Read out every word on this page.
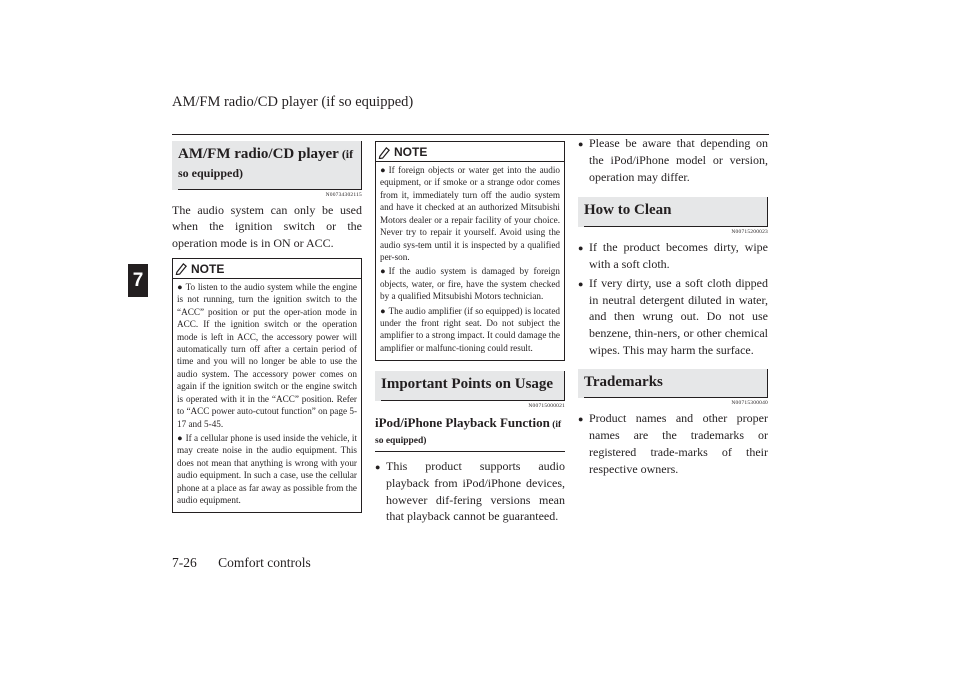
AM/FM radio/CD player (if so equipped)
7
7-26 Comfort controls
AM/FM radio/CD player (if
so equipped)
N00734302115
The audio system can only be used when the ignition switch or the operation mode is in ON or ACC.
NOTE

● To listen to the audio system while the engine is not running, turn the ignition switch to the “ACC” position or put the oper-ation mode in ACC. If the ignition switch or the operation mode is left in ACC, the accessory power will automatically turn off after a certain period of time and you will no longer be able to use the audio system. The accessory power comes on again if the ignition switch or the engine switch is operated with it in the “ACC” position. Refer to “ACC power auto-cutout function” on page 5-17 and 5-45.

● If a cellular phone is used inside the vehicle, it may create noise in the audio equipment. This does not mean that anything is wrong with your audio equipment. In such a case, use the cellular phone at a place as far away as possible from the audio equipment.

NOTE

● If foreign objects or water get into the audio equipment, or if smoke or a strange odor comes from it, immediately turn off the audio system and have it checked at an authorized Mitsubishi Motors dealer or a repair facility of your choice. Never try to repair it yourself. Avoid using the audio sys-tem until it is inspected by a qualified per-son.

● If the audio system is damaged by foreign objects, water, or fire, have the system checked by a qualified Mitsubishi Motors technician.

● The audio amplifier (if so equipped) is located under the front right seat. Do not subject the amplifier to a strong impact. It could damage the amplifier or malfunc-tioning could result.

Important Points on Usage
N00715000021
iPod/iPhone Playback Function (if
so equipped)
● This product supports audio playback from iPod/iPhone devices, however dif-fering versions mean that playback cannot be guaranteed.
● Please be aware that depending on the iPod/iPhone model or version, operation may differ.
How to Clean
N00715200023
● If the product becomes dirty, wipe with a soft cloth.
● If very dirty, use a soft cloth dipped in neutral detergent diluted in water, and then wrung out. Do not use benzene, thin-ners, or other chemical wipes. This may harm the surface.
Trademarks
N00715300040
● Product names and other proper names are the trademarks or registered trade-marks of their respective owners.
